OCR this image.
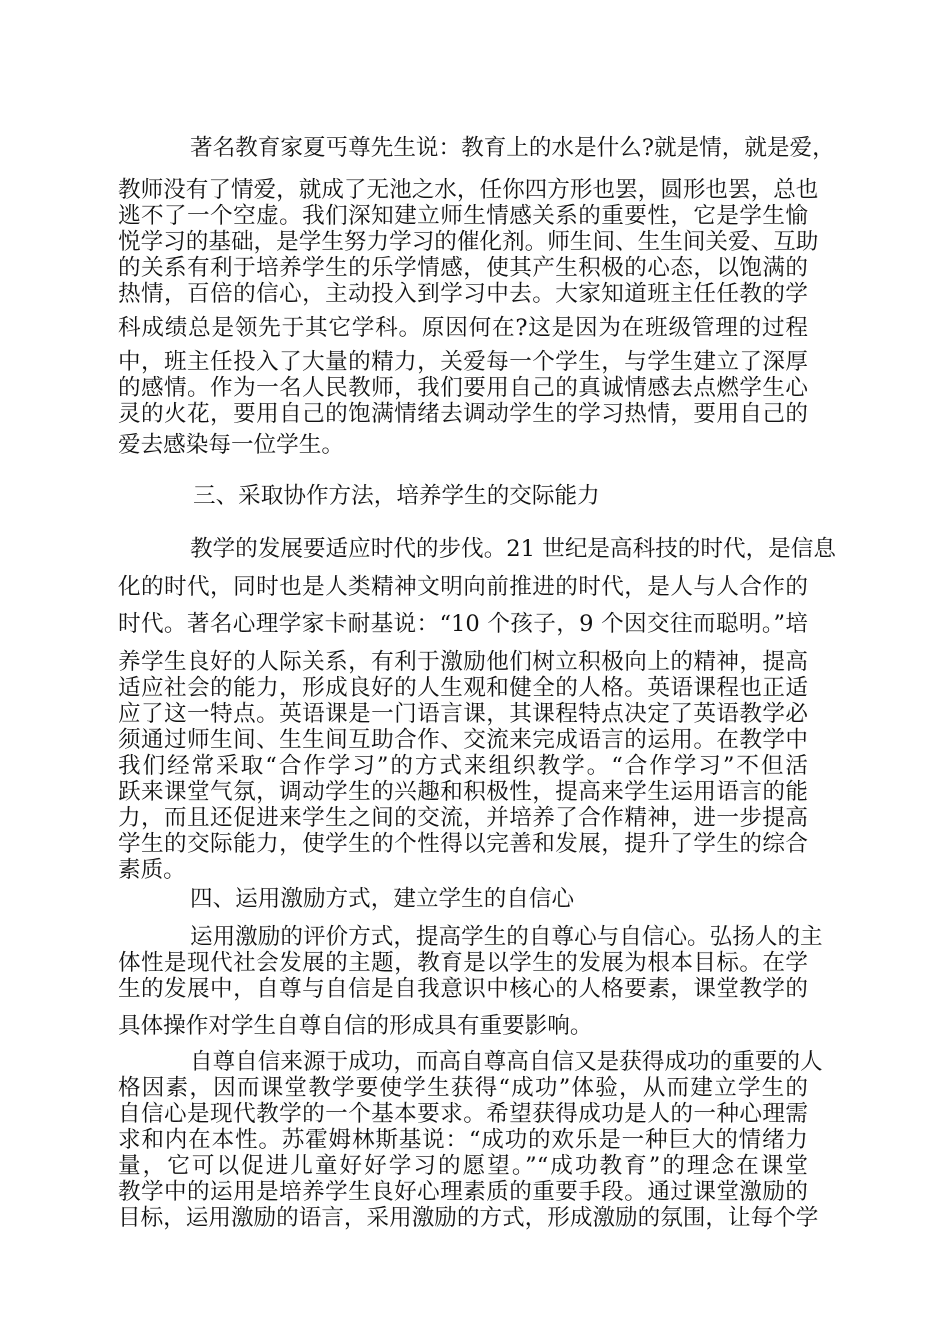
著名教育家夏丐尊先生说：教育上的水是什么?就是情，就是爱，
教师没有了情爱，就成了无池之水，任你四方形也罢，圆形也罢，总也
逃不了一个空虚。我们深知建立师生情感关系的重要性，它是学生愉
悦学习的基础，是学生努力学习的催化剂。师生间、生生间关爱、互助
的关系有利于培养学生的乐学情感，使其产生积极的心态，以饱满的
热情，百倍的信心，主动投入到学习中去。大家知道班主任任教的学
科成绩总是领先于其它学科。原因何在?这是因为在班级管理的过程
中，班主任投入了大量的精力，关爱每一个学生，与学生建立了深厚
的感情。作为一名人民教师，我们要用自己的真诚情感去点燃学生心
灵的火花，要用自己的饱满情绪去调动学生的学习热情，要用自己的
爱去感染每一位学生。
三、采取协作方法，培养学生的交际能力
教学的发展要适应时代的步伐。21 世纪是高科技的时代，是信息
化的时代，同时也是人类精神文明向前推进的时代，是人与人合作的
时代。著名心理学家卡耐基说：“10 个孩子，9 个因交往而聪明。”培
养学生良好的人际关系，有利于激励他们树立积极向上的精神，提高
适应社会的能力，形成良好的人生观和健全的人格。英语课程也正适
应了这一特点。英语课是一门语言课，其课程特点决定了英语教学必
须通过师生间、生生间互助合作、交流来完成语言的运用。在教学中
我们经常采取“合作学习”的方式来组织教学。“合作学习”不但活
跃来课堂气氛，调动学生的兴趣和积极性，提高来学生运用语言的能
力，而且还促进来学生之间的交流，并培养了合作精神，进一步提高
学生的交际能力，使学生的个性得以完善和发展，提升了学生的综合
素质。
四、运用激励方式，建立学生的自信心
运用激励的评价方式，提高学生的自尊心与自信心。弘扬人的主
体性是现代社会发展的主题，教育是以学生的发展为根本目标。在学
生的发展中，自尊与自信是自我意识中核心的人格要素，课堂教学的
具体操作对学生自尊自信的形成具有重要影响。
自尊自信来源于成功，而高自尊高自信又是获得成功的重要的人
格因素，因而课堂教学要使学生获得“成功”体验，从而建立学生的
自信心是现代教学的一个基本要求。希望获得成功是人的一种心理需
求和内在本性。苏霍姆林斯基说：“成功的欢乐是一种巨大的情绪力
量，它可以促进儿童好好学习的愿望。”“成功教育”的理念在课堂
教学中的运用是培养学生良好心理素质的重要手段。通过课堂激励的
目标，运用激励的语言，采用激励的方式，形成激励的氛围，让每个学
